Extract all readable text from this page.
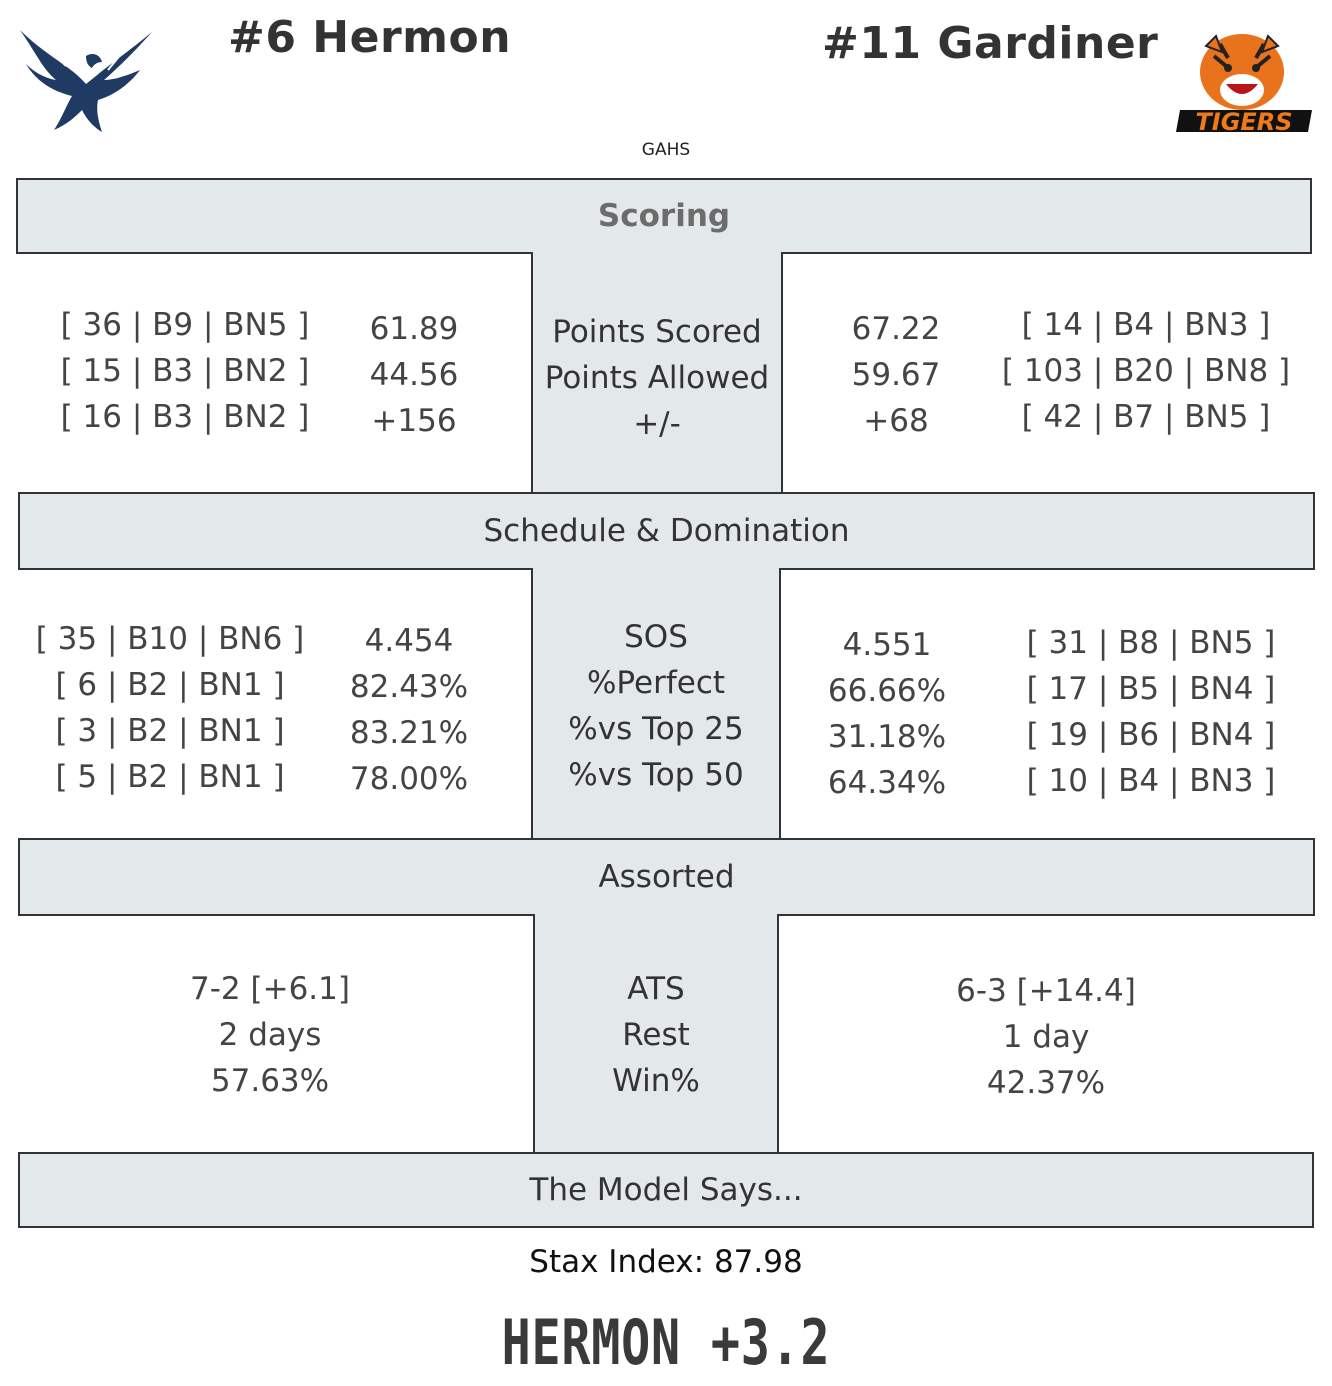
#6 Hermon	#11 Gardiner
TIGERS
GAHS
Scoring
[ 36 | B9 | BN5 ]
[ 15 | B3 | BN2 ]
[ 16 | B3 | BN2 ]
61.89
44.56
+156
Points Scored
Points Allowed
+/-
67.22
59.67
+68
[ 14 | B4 | BN3 ]
[ 103 | B20 | BN8 ]
[ 42 | B7 | BN5 ]
Schedule & Domination
[ 35 | B10 | BN6 ]
[ 6 | B2 | BN1 ]
[ 3 | B2 | BN1 ]
[ 5 | B2 | BN1 ]
4.454
82.43%
83.21%
78.00%
SOS
%Perfect
%vs Top 25
%vs Top 50
4.551
66.66%
31.18%
64.34%
[ 31 | B8 | BN5 ]
[ 17 | B5 | BN4 ]
[ 19 | B6 | BN4 ]
[ 10 | B4 | BN3 ]
Assorted
7-2 [+6.1]
2 days
57.63%
ATS
Rest
Win%
6-3 [+14.4]
1 day
42.37%
The Model Says...
Stax Index: 87.98
HERMON +3.2
